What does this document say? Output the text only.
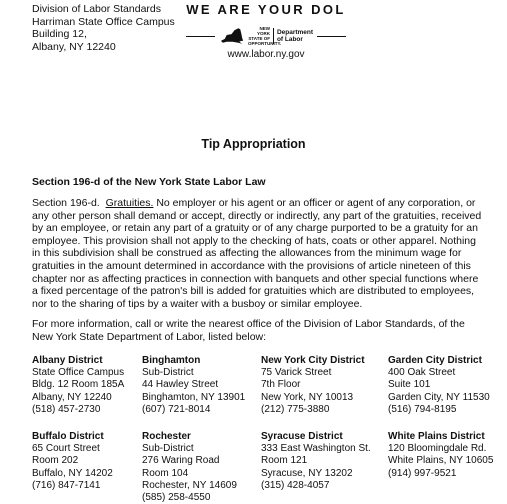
Division of Labor Standards
Harriman State Office Campus
Building 12,
Albany, NY 12240
WE ARE YOUR DOL
NEW YORK STATE OF OPPORTUNITY.
Department
of Labor
www.labor.ny.gov
Tip Appropriation
Section 196-d of the New York State Labor Law
Section 196-d. Gratuities. No employer or his agent or an officer or agent of any corporation, or
any other person shall demand or accept, directly or indirectly, any part of the gratuities, received
by an employee, or retain any part of a gratuity or of any charge purported to be a gratuity for an
employee. This provision shall not apply to the checking of hats, coats or other apparel. Nothing
in this subdivision shall be construed as affecting the allowances from the minimum wage for
gratuities in the amount determined in accordance with the provisions of article nineteen of this
chapter nor as affecting practices in connection with banquets and other special functions where
a fixed percentage of the patron's bill is added for gratuities which are distributed to employees,
nor to the sharing of tips by a waiter with a busboy or similar employee.
For more information, call or write the nearest office of the Division of Labor Standards, of the
New York State Department of Labor, listed below:
Albany District
State Office Campus
Bldg. 12 Room 185A
Albany, NY 12240
(518) 457-2730
Binghamton
Sub-District
44 Hawley Street
Binghamton, NY 13901
(607) 721-8014
New York City District
75 Varick Street
7th Floor
New York, NY 10013
(212) 775-3880
Garden City District
400 Oak Street
Suite 101
Garden City, NY 11530
(516) 794-8195
Buffalo District
65 Court Street
Room 202
Buffalo, NY 14202
(716) 847-7141
Rochester
Sub-District
276 Waring Road
Room 104
Rochester, NY 14609
(585) 258-4550
Syracuse District
333 East Washington St.
Room 121
Syracuse, NY 13202
(315) 428-4057
White Plains District
120 Bloomingdale Rd.
White Plains, NY 10605
(914) 997-9521
